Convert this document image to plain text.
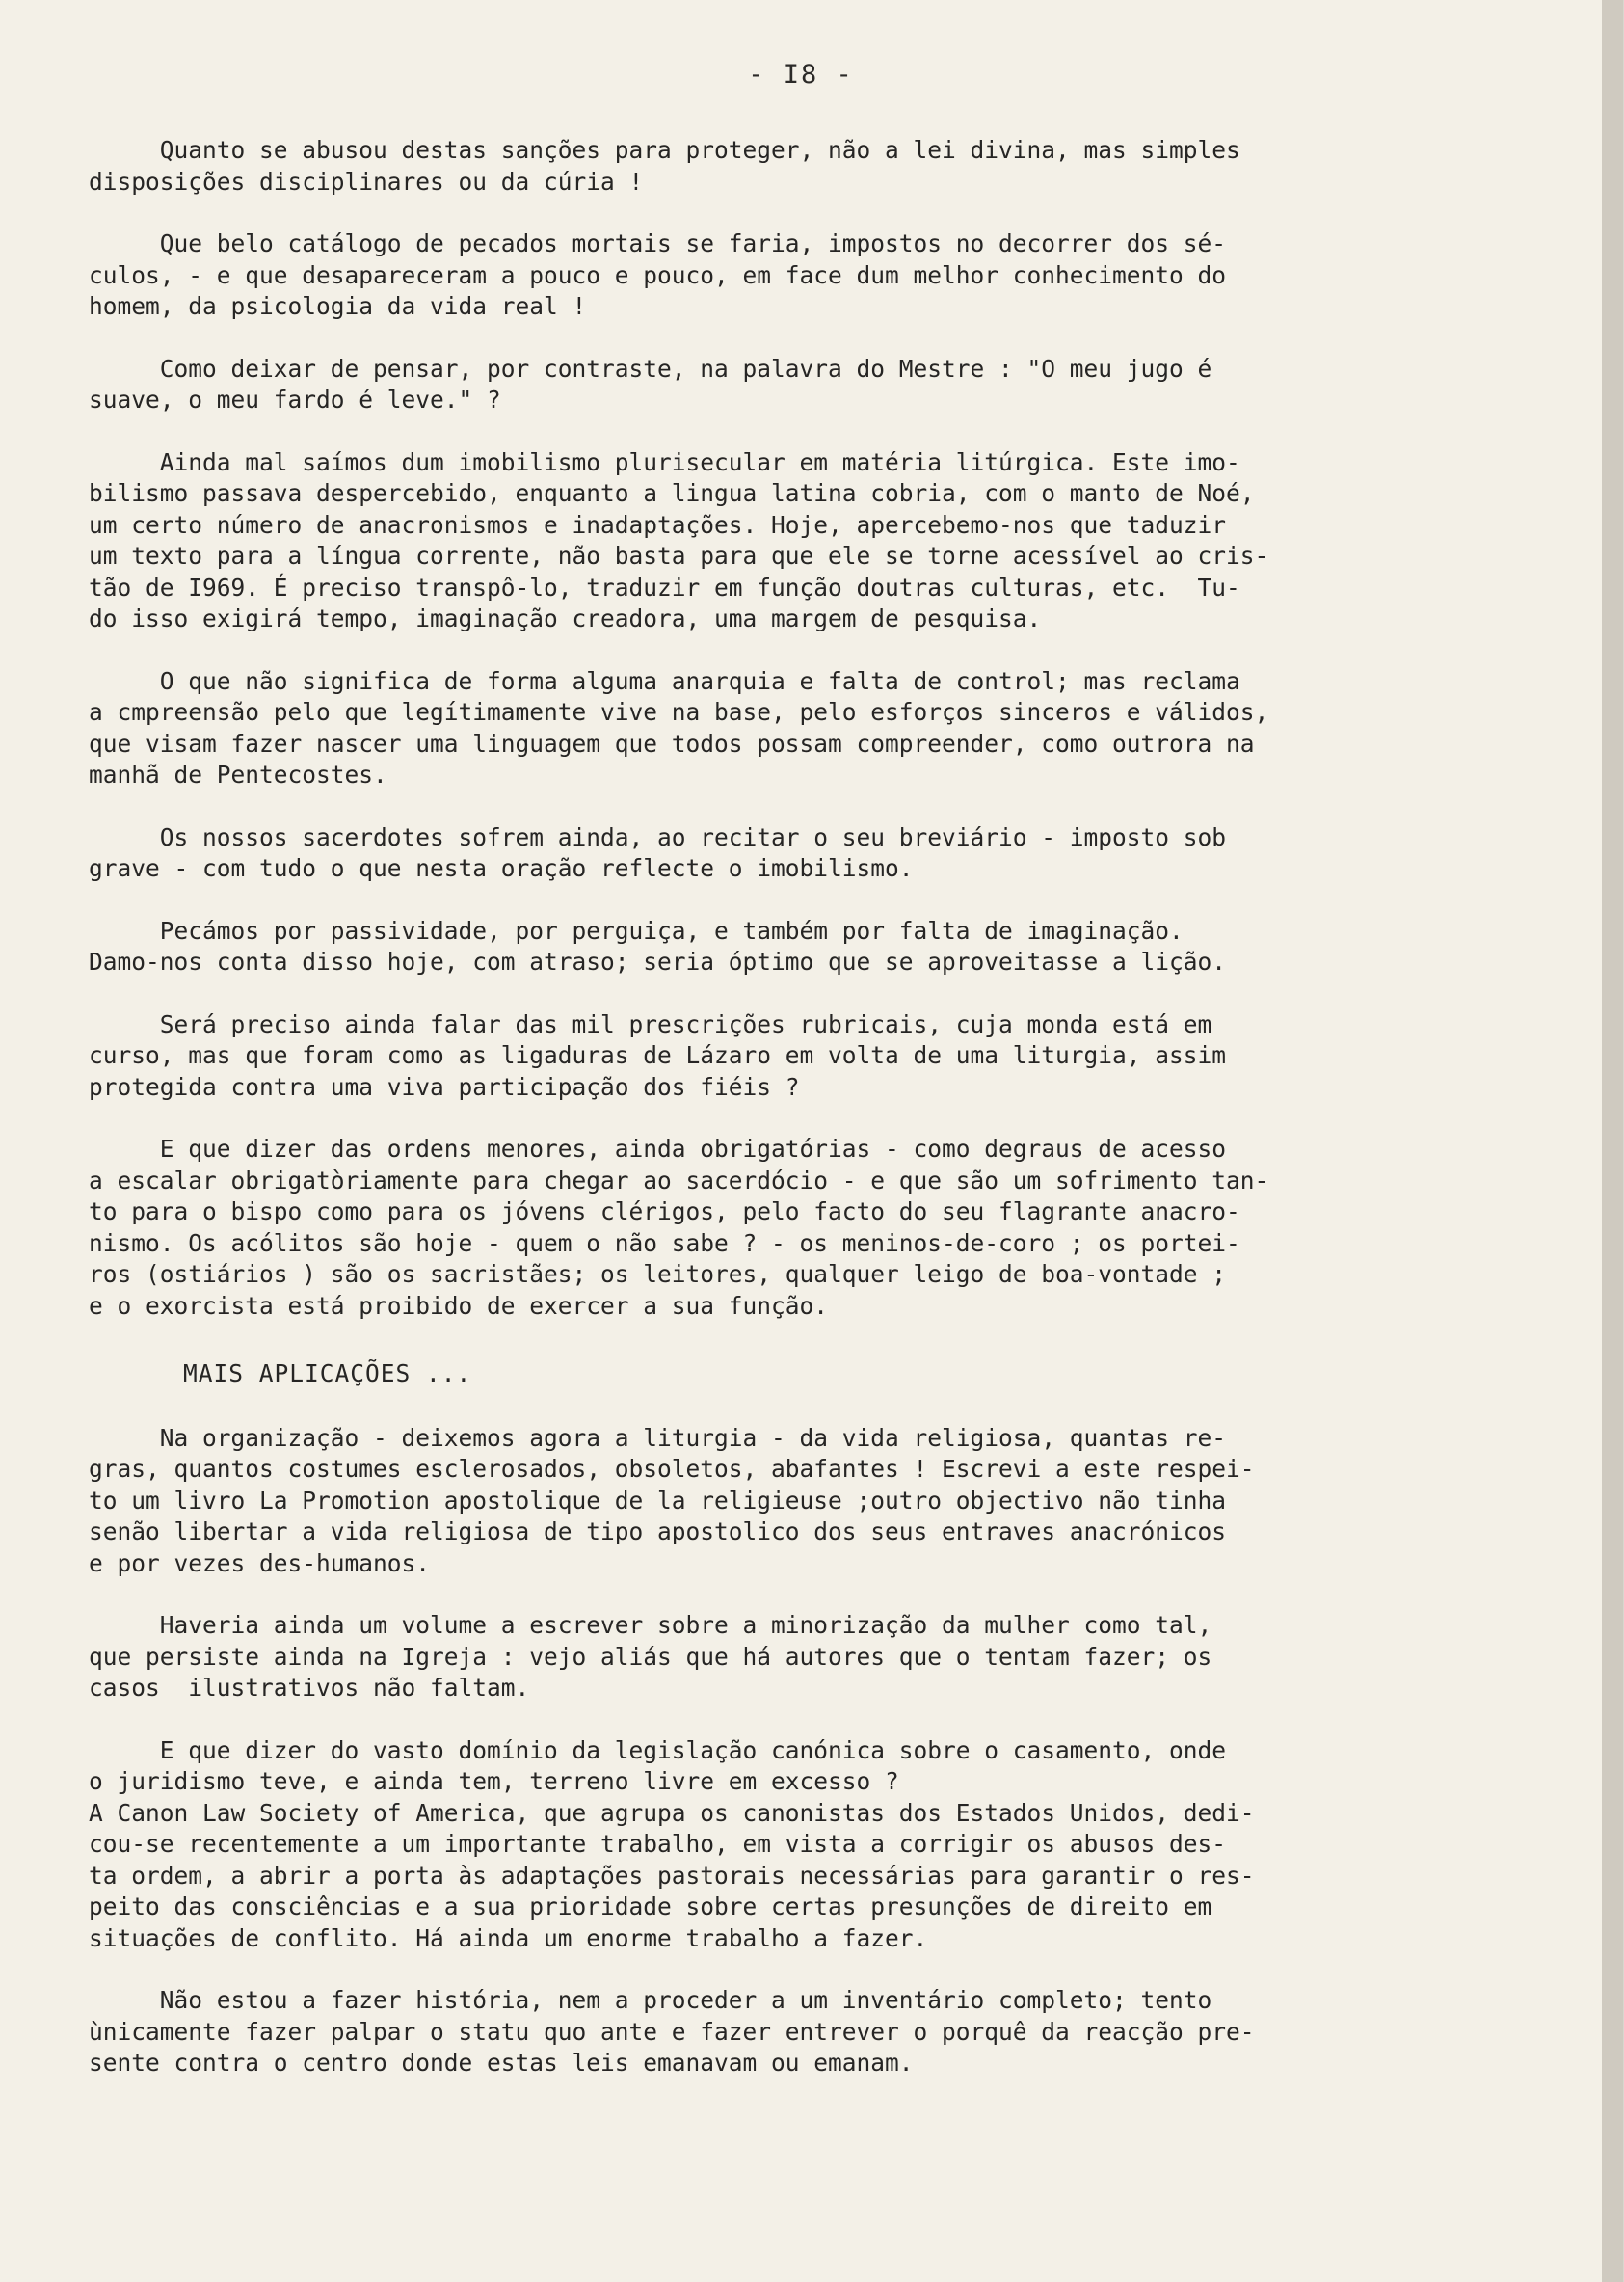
- I8 -
Quanto se abusou destas sanções para proteger, não a lei divina, mas simples
disposições disciplinares ou da cúria !
Que belo catálogo de pecados mortais se faria, impostos no decorrer dos sé-
culos, - e que desapareceram a pouco e pouco, em face dum melhor conhecimento do
homem, da psicologia da vida real !
Como deixar de pensar, por contraste, na palavra do Mestre : "O meu jugo é
suave, o meu fardo é leve." ?
Ainda mal saímos dum imobilismo plurisecular em matéria litúrgica. Este imo-
bilismo passava despercebido, enquanto a lingua latina cobria, com o manto de Noé,
um certo número de anacronismos e inadaptações. Hoje, apercebemo-nos que taduzir
um texto para a língua corrente, não basta para que ele se torne acessível ao cris-
tão de I969. É preciso transpô-lo, traduzir em função doutras culturas, etc.  Tu-
do isso exigirá tempo, imaginação creadora, uma margem de pesquisa.
O que não significa de forma alguma anarquia e falta de control; mas reclama
a cmpreensão pelo que legítimamente vive na base, pelo esforços sinceros e válidos,
que visam fazer nascer uma linguagem que todos possam compreender, como outrora na
manhã de Pentecostes.
Os nossos sacerdotes sofrem ainda, ao recitar o seu breviário - imposto sob
grave - com tudo o que nesta oração reflecte o imobilismo.
Pecámos por passividade, por perguiça, e também por falta de imaginação.
Damo-nos conta disso hoje, com atraso; seria óptimo que se aproveitasse a lição.
Será preciso ainda falar das mil prescrições rubricais, cuja monda está em
curso, mas que foram como as ligaduras de Lázaro em volta de uma liturgia, assim
protegida contra uma viva participação dos fiéis ?
E que dizer das ordens menores, ainda obrigatórias - como degraus de acesso
a escalar obrigatòriamente para chegar ao sacerdócio - e que são um sofrimento tan-
to para o bispo como para os jóvens clérigos, pelo facto do seu flagrante anacro-
nismo. Os acólitos são hoje - quem o não sabe ? - os meninos-de-coro ; os portei-
ros (ostiários ) são os sacristães; os leitores, qualquer leigo de boa-vontade ;
e o exorcista está proibido de exercer a sua função.
MAIS APLICAÇÕES ...
Na organização - deixemos agora a liturgia - da vida religiosa, quantas re-
gras, quantos costumes esclerosados, obsoletos, abafantes ! Escrevi a este respei-
to um livro La Promotion apostolique de la religieuse ;outro objectivo não tinha
senão libertar a vida religiosa de tipo apostolico dos seus entraves anacrónicos
e por vezes des-humanos.
Haveria ainda um volume a escrever sobre a minorização da mulher como tal,
que persiste ainda na Igreja : vejo aliás que há autores que o tentam fazer; os
casos  ilustrativos não faltam.
E que dizer do vasto domínio da legislação canónica sobre o casamento, onde
o juridismo teve, e ainda tem, terreno livre em excesso ?
A Canon Law Society of America, que agrupa os canonistas dos Estados Unidos, dedi-
cou-se recentemente a um importante trabalho, em vista a corrigir os abusos des-
ta ordem, a abrir a porta às adaptações pastorais necessárias para garantir o res-
peito das consciências e a sua prioridade sobre certas presunções de direito em
situações de conflito. Há ainda um enorme trabalho a fazer.
Não estou a fazer história, nem a proceder a um inventário completo; tento
ùnicamente fazer palpar o statu quo ante e fazer entrever o porquê da reacção pre-
sente contra o centro donde estas leis emanavam ou emanam.
